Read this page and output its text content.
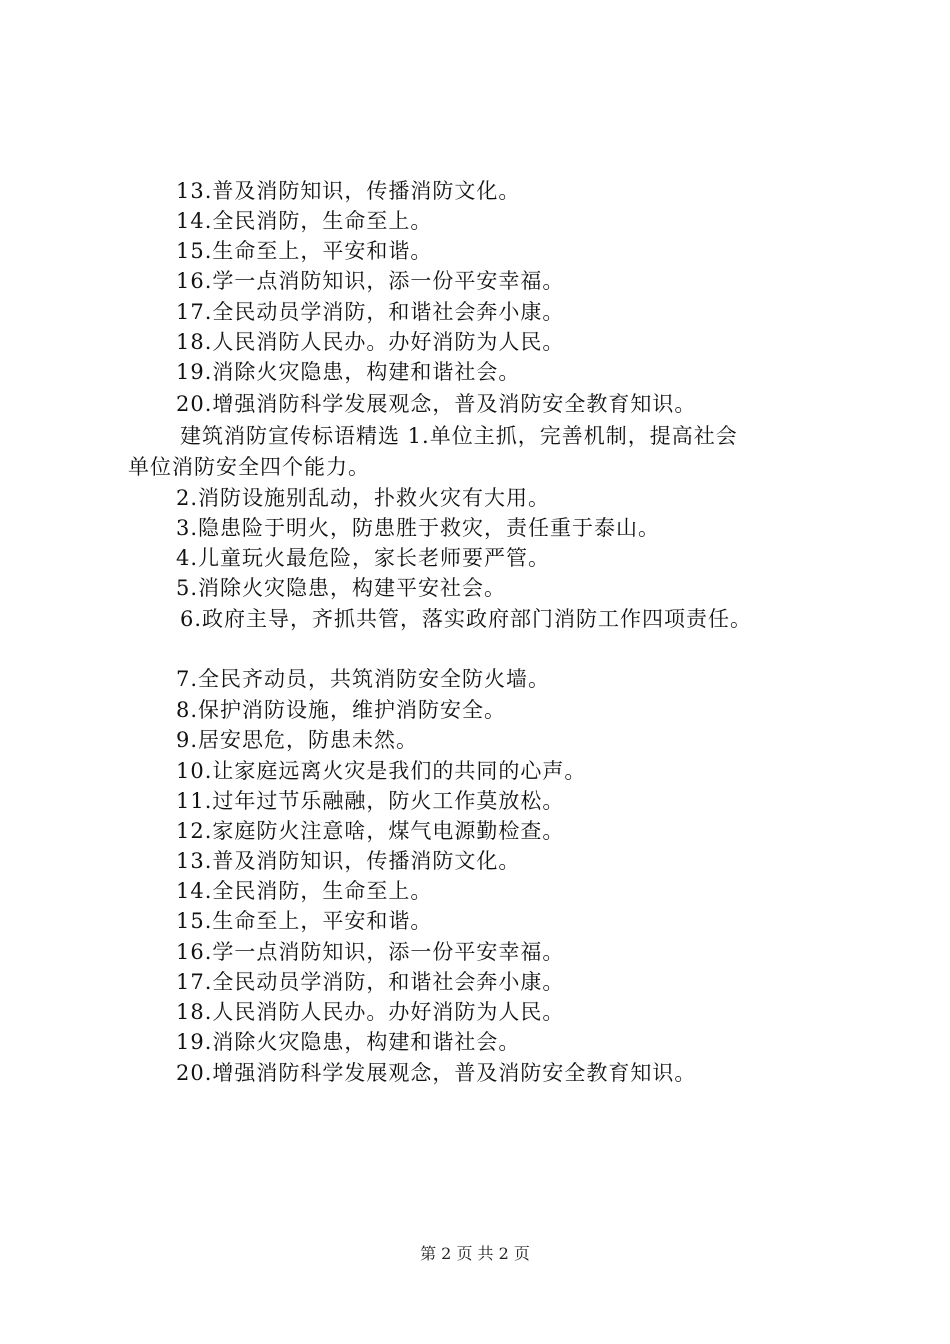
13.普及消防知识，传播消防文化。
14.全民消防，生命至上。
15.生命至上，平安和谐。
16.学一点消防知识，添一份平安幸福。
17.全民动员学消防，和谐社会奔小康。
18.人民消防人民办。办好消防为人民。
19.消除火灾隐患，构建和谐社会。
20.增强消防科学发展观念，普及消防安全教育知识。
建筑消防宣传标语精选 1.单位主抓，完善机制，提高社会
单位消防安全四个能力。
2.消防设施别乱动，扑救火灾有大用。
3.隐患险于明火，防患胜于救灾，责任重于泰山。
4.儿童玩火最危险，家长老师要严管。
5.消除火灾隐患，构建平安社会。
6.政府主导，齐抓共管，落实政府部门消防工作四项责任。
7.全民齐动员，共筑消防安全防火墙。
8.保护消防设施，维护消防安全。
9.居安思危，防患未然。
10.让家庭远离火灾是我们的共同的心声。
11.过年过节乐融融，防火工作莫放松。
12.家庭防火注意啥，煤气电源勤检查。
13.普及消防知识，传播消防文化。
14.全民消防，生命至上。
15.生命至上，平安和谐。
16.学一点消防知识，添一份平安幸福。
17.全民动员学消防，和谐社会奔小康。
18.人民消防人民办。办好消防为人民。
19.消除火灾隐患，构建和谐社会。
20.增强消防科学发展观念，普及消防安全教育知识。
第 2 页 共 2 页
